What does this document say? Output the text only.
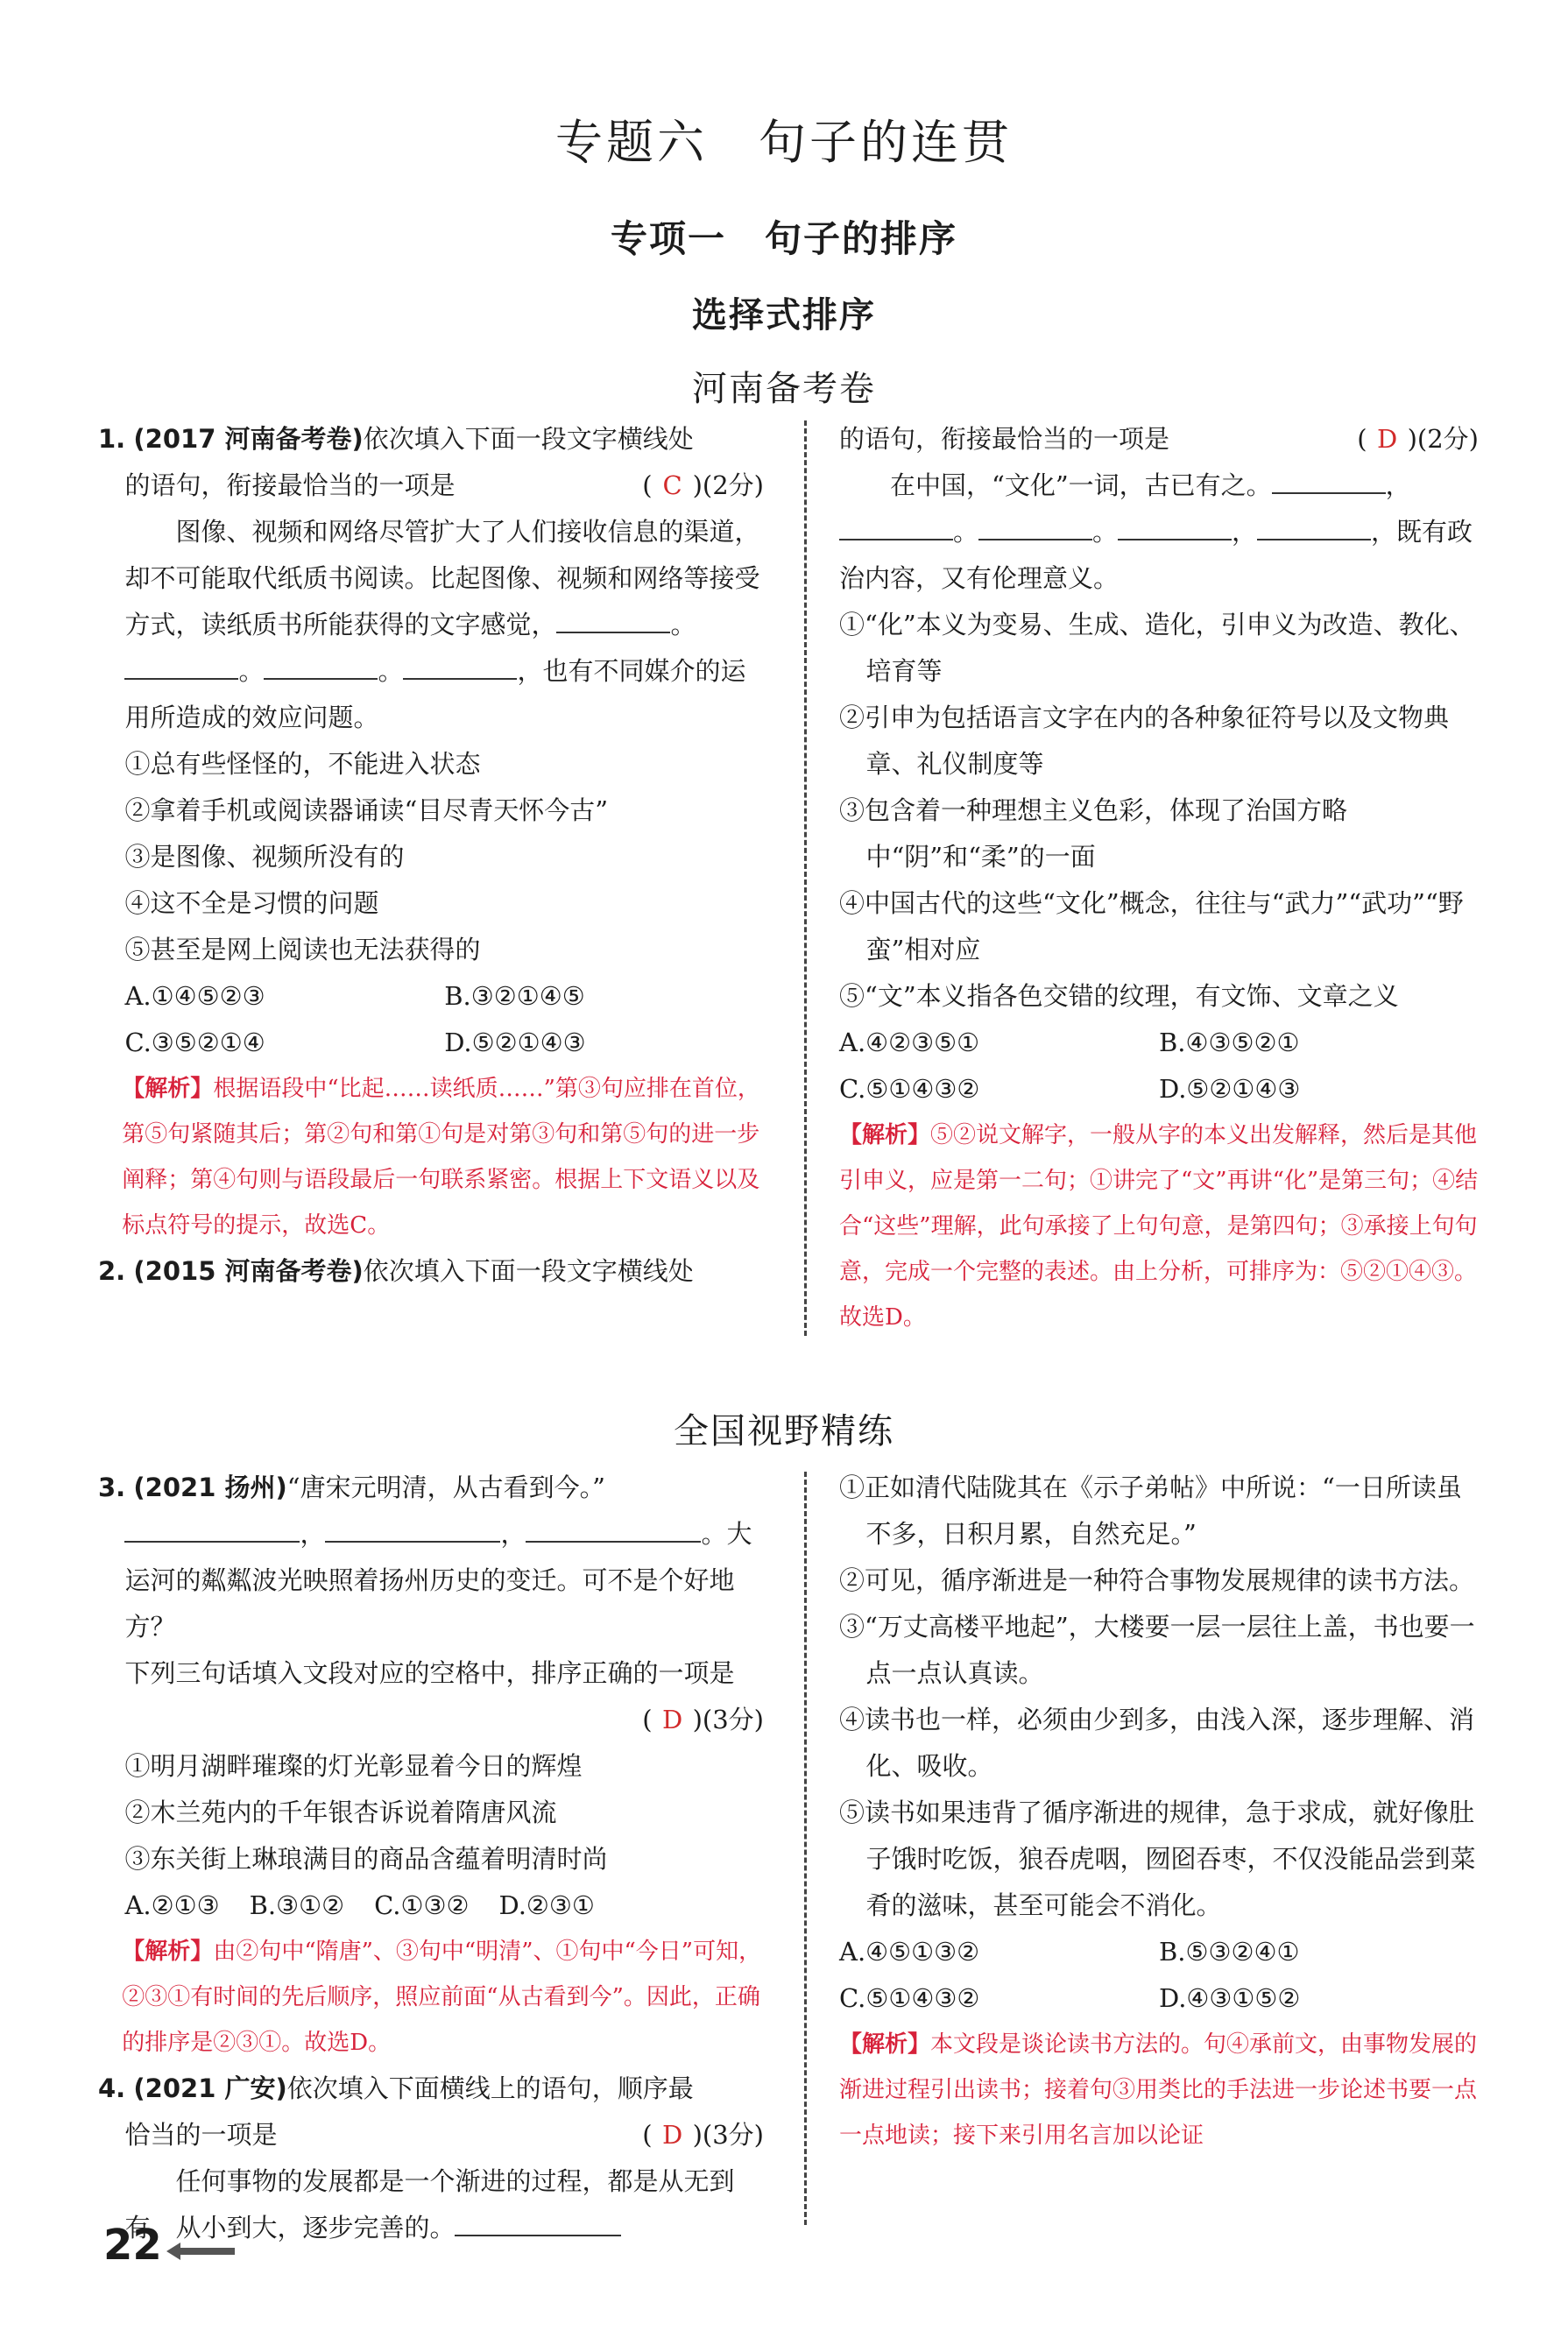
专题六　句子的连贯
专项一　句子的排序
选择式排序
河南备考卷

1. (2017 河南备考卷)依次填入下面一段文字横线处

的语句，衔接最恰当的一项是	( C )(2分)

图像、视频和网络尽管扩大了人们接收信息的渠道，却不可能取代纸质书阅读。比起图像、视频和网络等接受方式，读纸质书所能获得的文字感觉，	。。	。	，也有不同媒介的运用所造成的效应问题。

①总有些怪怪的，不能进入状态

②拿着手机或阅读器诵读“目尽青天怀今古”

③是图像、视频所没有的

④这不全是习惯的问题

⑤甚至是网上阅读也无法获得的

A.①④⑤②③	B.③②①④⑤
C.③⑤②①④	D.⑤②①④③

【解析】根据语段中“比起……读纸质……”第③句应排在首位，第⑤句紧随其后；第②句和第①句是对第③句和第⑤句的进一步阐释；第④句则与语段最后一句联系紧密。根据上下文语义以及标点符号的提示，故选C。

2. (2015 河南备考卷)依次填入下面一段文字横线处

的语句，衔接最恰当的一项是	( D )(2分)

在中国，“文化”一词，古已有之。	，。	。	，	，既有政治内容，又有伦理意义。

①“化”本义为变易、生成、造化，引申义为改造、教化、培育等

②引申为包括语言文字在内的各种象征符号以及文物典章、礼仪制度等

③包含着一种理想主义色彩，体现了治国方略中“阴”和“柔”的一面

④中国古代的这些“文化”概念，往往与“武力”“武功”“野蛮”相对应

⑤“文”本义指各色交错的纹理，有文饰、文章之义

A.④②③⑤①	B.④③⑤②①
C.⑤①④③②	D.⑤②①④③

【解析】⑤②说文解字，一般从字的本义出发解释，然后是其他引申义，应是第一二句；①讲完了“文”再讲“化”是第三句；④结合“这些”理解，此句承接了上句句意，是第四句；③承接上句句意，完成一个完整的表述。由上分析，可排序为：⑤②①④③。故选D。

全国视野精练

3. (2021 扬州)“唐宋元明清，从古看到今。”，	，	。大运河的粼粼波光映照着扬州历史的变迁。可不是个好地方？

下列三句话填入文段对应的空格中，排序正确的一项是

( D )(3分)

①明月湖畔璀璨的灯光彰显着今日的辉煌

②木兰苑内的千年银杏诉说着隋唐风流

③东关街上琳琅满目的商品含蕴着明清时尚

A.②①③ B.③①② C.①③② D.②③①

【解析】由②句中“隋唐”、③句中“明清”、①句中“今日”可知，②③①有时间的先后顺序，照应前面“从古看到今”。因此，正确的排序是②③①。故选D。

4. (2021 广安)依次填入下面横线上的语句，顺序最

恰当的一项是	( D )(3分)

任何事物的发展都是一个渐进的过程，都是从无到有，从小到大，逐步完善的。

①正如清代陆陇其在《示子弟帖》中所说：“一日所读虽不多，日积月累，自然充足。”

②可见，循序渐进是一种符合事物发展规律的读书方法。

③“万丈高楼平地起”，大楼要一层一层往上盖，书也要一点一点认真读。

④读书也一样，必须由少到多，由浅入深，逐步理解、消化、吸收。

⑤读书如果违背了循序渐进的规律，急于求成，就好像肚子饿时吃饭，狼吞虎咽，囫囵吞枣，不仅没能品尝到菜肴的滋味，甚至可能会不消化。

A.④⑤①③②	B.⑤③②④①
C.⑤①④③②	D.④③①⑤②

【解析】本文段是谈论读书方法的。句④承前文，由事物发展的渐进过程引出读书；接着句③用类比的手法进一步论述书要一点一点地读；接下来引用名言加以论证

22
